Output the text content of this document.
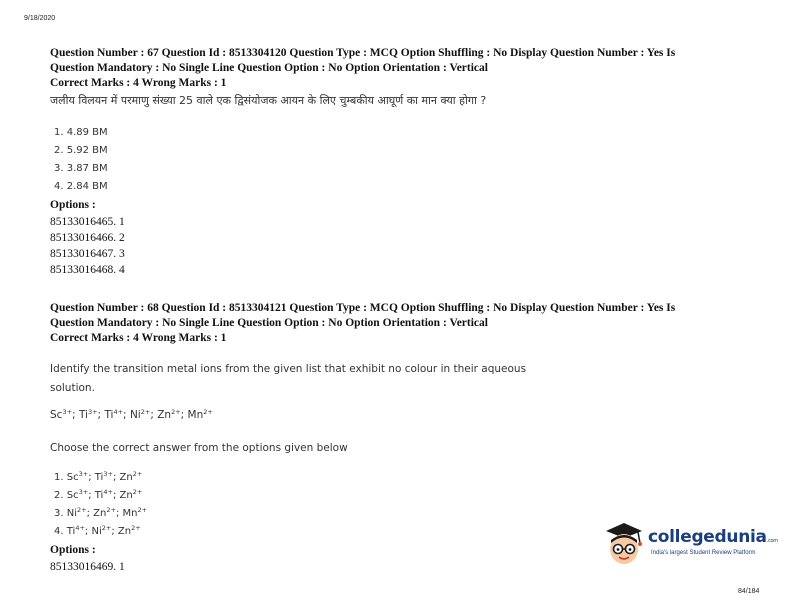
9/18/2020
Question Number : 67 Question Id : 8513304120 Question Type : MCQ Option Shuffling : No Display Question Number : Yes Is
Question Mandatory : No Single Line Question Option : No Option Orientation : Vertical
Correct Marks : 4 Wrong Marks : 1
जलीय विलयन में परमाणु संख्या 25 वाले एक द्विसंयोजक आयन के लिए चुम्बकीय आघूर्ण का मान क्या होगा ?
1. 4.89 BM
2. 5.92 BM
3. 3.87 BM
4. 2.84 BM
Options :
85133016465. 1
85133016466. 2
85133016467. 3
85133016468. 4
Question Number : 68 Question Id : 8513304121 Question Type : MCQ Option Shuffling : No Display Question Number : Yes Is
Question Mandatory : No Single Line Question Option : No Option Orientation : Vertical
Correct Marks : 4 Wrong Marks : 1
Identify the transition metal ions from the given list that exhibit no colour in their aqueous
solution.
$Sc^{3+}$; $Ti^{3+}$; $Ti^{4+}$; $Ni^{2+}$; $Zn^{2+}$; $Mn^{2+}$
Choose the correct answer from the options given below
1. $Sc^{3+}$; $Ti^{3+}$; $Zn^{2+}$
2. $Sc^{3+}$; $Ti^{4+}$; $Zn^{2+}$
3. $Ni^{2+}$; $Zn^{2+}$; $Mn^{2+}$
4. $Ti^{4+}$; $Ni^{2+}$; $Zn^{2+}$
Options :
85133016469. 1
collegedunia.com
India's largest Student Review Platform
84/184
